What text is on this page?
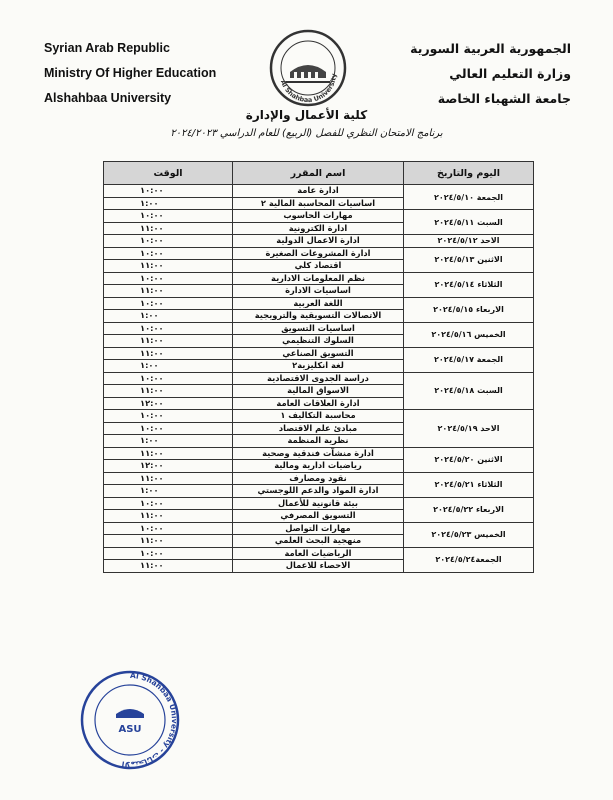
Syrian Arab Republic
Ministry Of Higher Education
Alshahbaa University
Al Shahbaa University
الجمهورية العربية السورية
وزارة التعليم العالي
جامعة الشهباء الخاصة
كلية الأعمال والإدارة
برنامج الامتحان النظري للفصل (الربيع) للعام الدراسي ٢٠٢٤/٢٠٢٣
اليوم والتاريخ	اسم المقرر	الوقت
الجمعة ٢٠٢٤/٥/١٠	ادارة عامة	١٠:٠٠
	اساسيات المحاسبة المالية ٢	١:٠٠
السبت ٢٠٢٤/٥/١١	مهارات الحاسوب	١٠:٠٠
	ادارة الكترونية	١١:٠٠
الاحد ٢٠٢٤/٥/١٢	ادارة الاعمال الدولية	١٠:٠٠
الاثنين ٢٠٢٤/٥/١٣	ادارة المشروعات الصغيرة	١٠:٠٠
	اقتصاد كلي	١١:٠٠
الثلاثاء ٢٠٢٤/٥/١٤	نظم المعلومات الادارية	١٠:٠٠
	اساسيات الادارة	١١:٠٠
الاربعاء ٢٠٢٤/٥/١٥	اللغة العربية	١٠:٠٠
	الاتصالات التسويقية والترويجية	١:٠٠
الخميس ٢٠٢٤/٥/١٦	اساسيات التسويق	١٠:٠٠
	السلوك التنظيمي	١١:٠٠
الجمعة ٢٠٢٤/٥/١٧	التسويق الصناعي	١١:٠٠
	لغة انكليزية٢	١:٠٠
السبت ٢٠٢٤/٥/١٨	دراسة الجدوى الاقتصادية	١٠:٠٠
	الاسواق المالية	١١:٠٠
	ادارة العلاقات العامة	١٢:٠٠
الاحد ٢٠٢٤/٥/١٩	محاسبة التكاليف ١	١٠:٠٠
	مبادئ علم الاقتصاد	١٠:٠٠
	نظرية المنظمة	١:٠٠
الاثنين ٢٠٢٤/٥/٢٠	ادارة منشآت فندقية وصحية	١١:٠٠
	رياضيات ادارية ومالية	١٢:٠٠
الثلاثاء ٢٠٢٤/٥/٢١	نقود ومصارف	١١:٠٠
	ادارة المواد والدعم اللوجستي	١:٠٠
الاربعاء ٢٠٢٤/٥/٢٢	بيئة قانونية للأعمال	١٠:٠٠
	التسويق المصرفي	١١:٠٠
الخميس ٢٠٢٤/٥/٢٣	مهارات التواصل	١٠:٠٠
	منهجية البحث العلمي	١١:٠٠
الجمعة٢٠٢٤/٥/٢٤	الرياضيات العامة	١٠:٠٠
	الاحصاء للاعمال	١١:٠٠
Al Shahbaa University - الامتحانات
ASU
